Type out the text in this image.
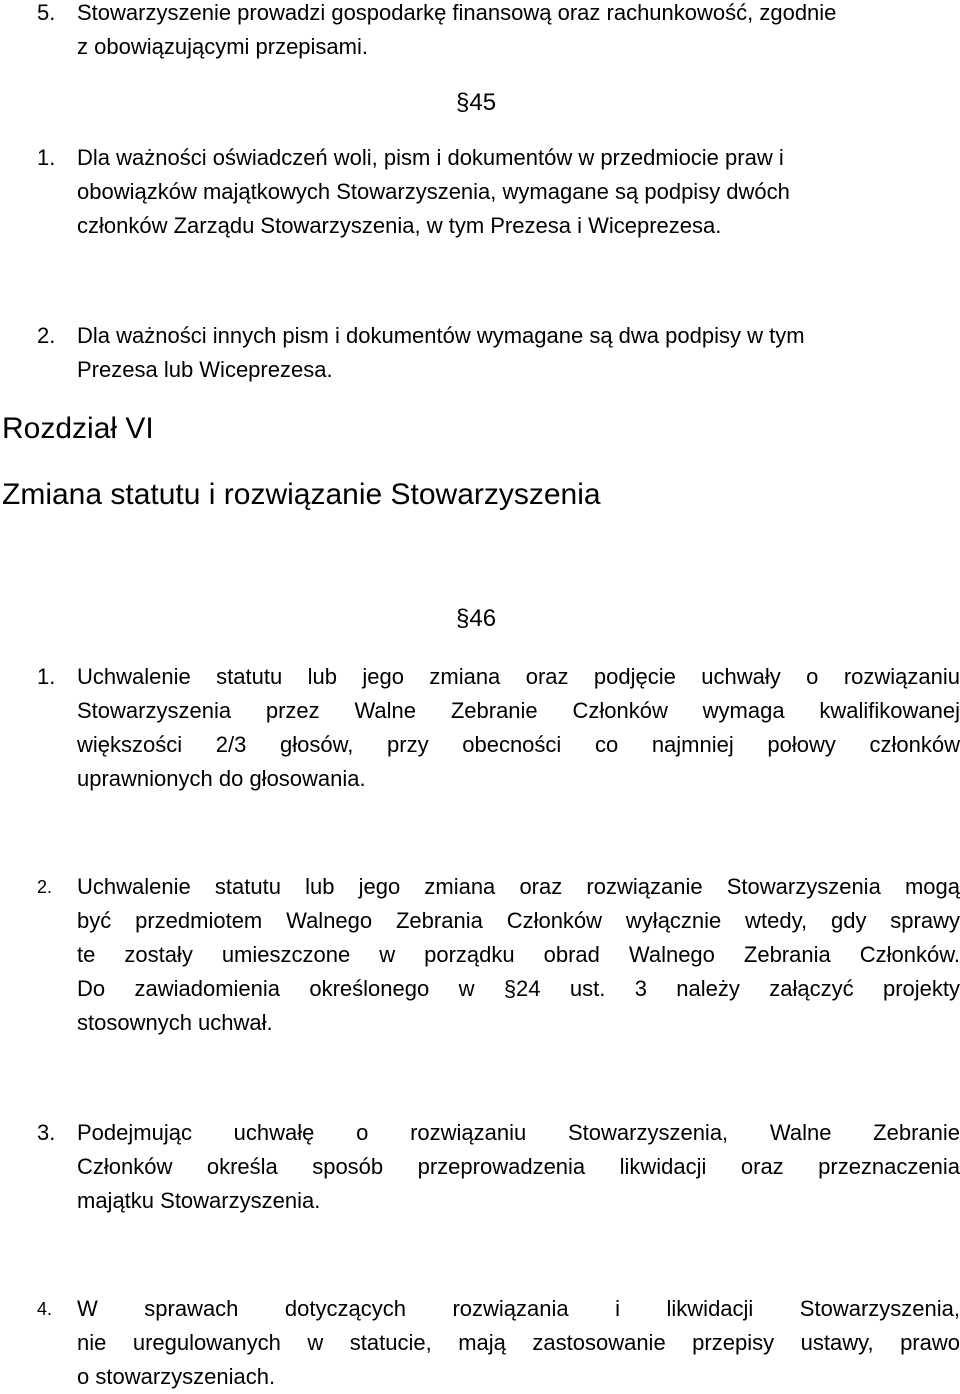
5. Stowarzyszenie prowadzi gospodarkę finansową oraz rachunkowość, zgodnie
z obowiązującymi przepisami.
§45
1. Dla ważności oświadczeń woli, pism i dokumentów w przedmiocie praw i
obowiązków majątkowych Stowarzyszenia, wymagane są podpisy dwóch
członków Zarządu Stowarzyszenia, w tym Prezesa i Wiceprezesa.
2. Dla ważności innych pism i dokumentów wymagane są dwa podpisy w tym
Prezesa lub Wiceprezesa.
Rozdział VI
Zmiana statutu i rozwiązanie Stowarzyszenia
§46
1. Uchwalenie statutu lub jego zmiana oraz podjęcie uchwały o rozwiązaniu
Stowarzyszenia przez Walne Zebranie Członków wymaga kwalifikowanej
większości 2/3 głosów, przy obecności co najmniej połowy członków
uprawnionych do głosowania.
2. Uchwalenie statutu lub jego zmiana oraz rozwiązanie Stowarzyszenia mogą
być przedmiotem Walnego Zebrania Członków wyłącznie wtedy, gdy sprawy
te zostały umieszczone w porządku obrad Walnego Zebrania Członków.
Do zawiadomienia określonego w §24 ust. 3 należy załączyć projekty
stosownych uchwał.
3. Podejmując uchwałę o rozwiązaniu Stowarzyszenia, Walne Zebranie
Członków określa sposób przeprowadzenia likwidacji oraz przeznaczenia
majątku Stowarzyszenia.
4. W sprawach dotyczących rozwiązania i likwidacji Stowarzyszenia,
nie uregulowanych w statucie, mają zastosowanie przepisy ustawy, prawo
o stowarzyszeniach.
